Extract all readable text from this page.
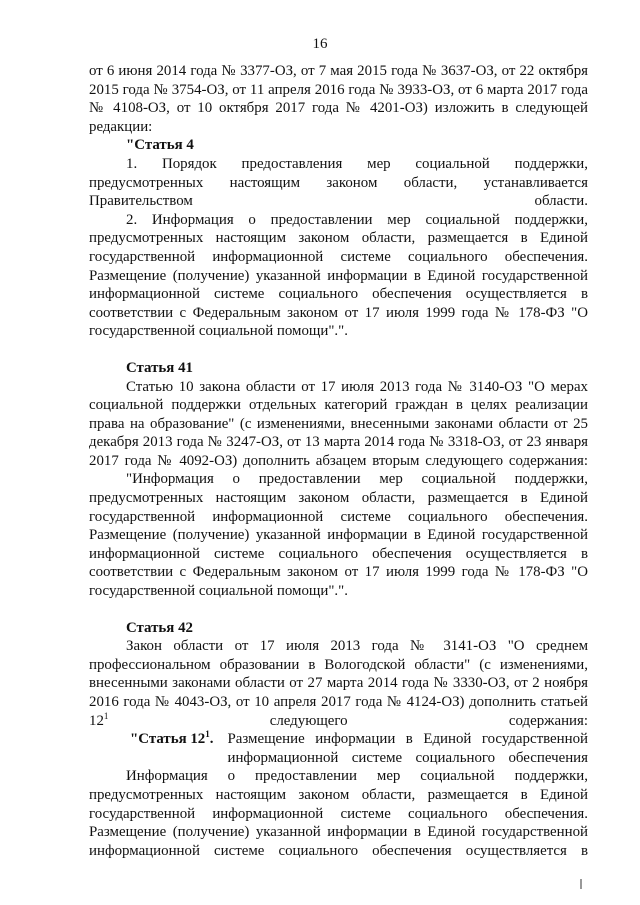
16

от 6 июня 2014 года № 3377-ОЗ, от 7 мая 2015 года № 3637-ОЗ, от 22 октября 2015 года № 3754-ОЗ, от 11 апреля 2016 года № 3933-ОЗ, от 6 марта 2017 года № 4108-ОЗ, от 10 октября 2017 года № 4201-ОЗ) изложить в следующей редакции:

"Статья 4

1. Порядок предоставления мер социальной поддержки, предусмотренных настоящим законом области, устанавливается Правительством области.

2. Информация о предоставлении мер социальной поддержки, предусмотренных настоящим законом области, размещается в Единой государственной информационной системе социального обеспечения. Размещение (получение) указанной информации в Единой государственной информационной системе социального обеспечения осуществляется в соответствии с Федеральным законом от 17 июля 1999 года № 178-ФЗ "О государственной социальной помощи".".

Статья 41

Статью 10 закона области от 17 июля 2013 года № 3140-ОЗ "О мерах социальной поддержки отдельных категорий граждан в целях реализации права на образование" (с изменениями, внесенными законами области от 25 декабря 2013 года № 3247-ОЗ, от 13 марта 2014 года № 3318-ОЗ, от 23 января 2017 года № 4092-ОЗ) дополнить абзацем вторым следующего содержания:

"Информация о предоставлении мер социальной поддержки, предусмотренных настоящим законом области, размещается в Единой государственной информационной системе социального обеспечения. Размещение (получение) указанной информации в Единой государственной информационной системе социального обеспечения осуществляется в соответствии с Федеральным законом от 17 июля 1999 года № 178-ФЗ "О государственной социальной помощи".".

Статья 42

Закон области от 17 июля 2013 года № 3141-ОЗ "О среднем профессиональном образовании в Вологодской области" (с изменениями, внесенными законами области от 27 марта 2014 года № 3330-ОЗ, от 2 ноября 2016 года № 4043-ОЗ, от 10 апреля 2017 года № 4124-ОЗ) дополнить статьей $12^1$ следующего содержания:

"Статья $12^1$. Размещение информации в Единой государственной информационной системе социального обеспечения

Информация о предоставлении мер социальной поддержки, предусмотренных настоящим законом области, размещается в Единой государственной информационной системе социального обеспечения. Размещение (получение) указанной информации в Единой государственной информационной системе социального обеспечения осуществляется в
